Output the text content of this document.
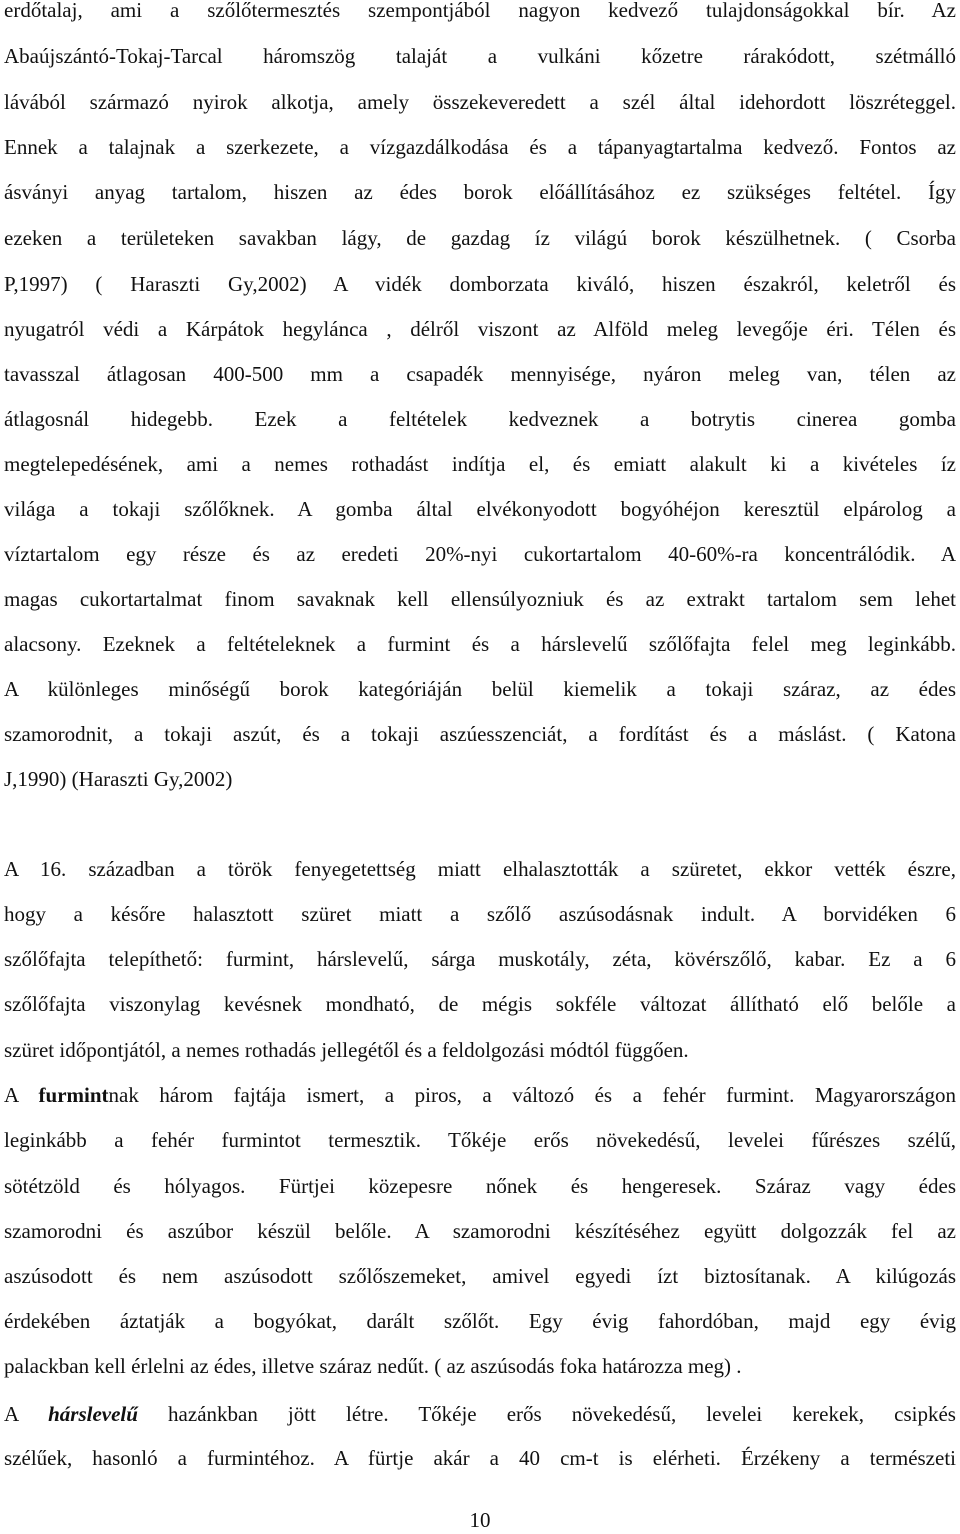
erdőtalaj, ami a szőlőtermesztés szempontjából nagyon kedvező tulajdonságokkal bír. Az
Abaújszántó-Tokaj-Tarcal háromszög talaját a vulkáni kőzetre rárakódott, szétmálló
lávából származó nyirok alkotja, amely összekeveredett a szél által idehordott löszréteggel.
Ennek a talajnak a szerkezete, a vízgazdálkodása és a tápanyagtartalma kedvező. Fontos az
ásványi anyag tartalom, hiszen az édes borok előállításához ez szükséges feltétel. Így
ezeken a területeken savakban lágy, de gazdag íz világú borok készülhetnek. ( Csorba
P,1997) ( Haraszti Gy,2002) A vidék domborzata kiváló, hiszen északról, keletről és
nyugatról védi a Kárpátok hegylánca , délről viszont az Alföld meleg levegője éri. Télen és
tavasszal átlagosan 400-500 mm a csapadék mennyisége, nyáron meleg van, télen az
átlagosnál hidegebb. Ezek a feltételek kedveznek a botrytis cinerea gomba
megtelepedésének, ami a nemes rothadást indítja el, és emiatt alakult ki a kivételes íz
világa a tokaji szőlőknek. A gomba által elvékonyodott bogyóhéjon keresztül elpárolog a
víztartalom egy része és az eredeti 20%-nyi cukortartalom 40-60%-ra koncentrálódik. A
magas cukortartalmat finom savaknak kell ellensúlyozniuk és az extrakt tartalom sem lehet
alacsony. Ezeknek a feltételeknek a furmint és a hárslevelű szőlőfajta felel meg leginkább.
A különleges minőségű borok kategóriáján belül kiemelik a tokaji száraz, az édes
szamorodnit, a tokaji aszút, és a tokaji aszúesszenciát, a fordítást és a máslást. ( Katona
J,1990) (Haraszti Gy,2002)
A 16. században a török fenyegetettség miatt elhalasztották a szüretet, ekkor vették észre,
hogy a későre halasztott szüret miatt a szőlő aszúsodásnak indult. A borvidéken 6
szőlőfajta telepíthető: furmint, hárslevelű, sárga muskotály, zéta, kövérszőlő, kabar. Ez a 6
szőlőfajta viszonylag kevésnek mondható, de mégis sokféle változat állítható elő belőle a
szüret időpontjától, a nemes rothadás jellegétől és a feldolgozási módtól függően.
A furmintnak három fajtája ismert, a piros, a változó és a fehér furmint. Magyarországon
leginkább a fehér furmintot termesztik. Tőkéje erős növekedésű, levelei fűrészes szélű,
sötétzöld és hólyagos. Fürtjei közepesre nőnek és hengeresek. Száraz vagy édes
szamorodni és aszúbor készül belőle. A szamorodni készítéséhez együtt dolgozzák fel az
aszúsodott és nem aszúsodott szőlőszemeket, amivel egyedi ízt biztosítanak. A kilúgozás
érdekében áztatják a bogyókat, darált szőlőt. Egy évig fahordóban, majd egy évig
palackban kell érlelni az édes, illetve száraz nedűt. ( az aszúsodás foka határozza meg) .
A hárslevelű hazánkban jött létre. Tőkéje erős növekedésű, levelei kerekek, csipkés
szélűek, hasonló a furmintéhoz. A fürtje akár a 40 cm-t is elérheti. Érzékeny a természeti
10
